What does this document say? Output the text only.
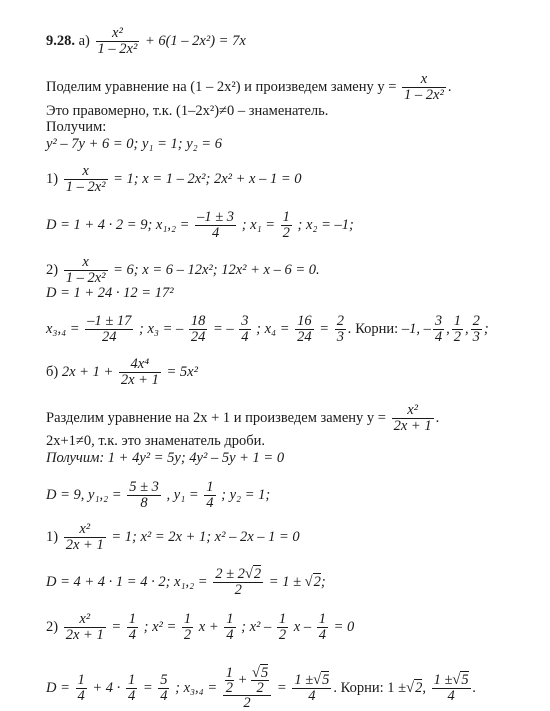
9.28. $а) \frac{\text{x²}}{\text{1 – 2x²}} + 6(1 - 2x^2) = 7x$
Поделим уравнение на (1 – 2x²) и произведем замену $y = \frac{x}{\text{1 – 2x²}}$ .
Это правомерно, т.к. (1–2x²)≠0 – знаменатель.
Получим:
y² – 7y + 6 = 0; y₁ = 1; y₂ = 6
$1) \frac{x}{\text{1 – 2x²}} = 1$; x = 1 – 2x²; 2x² + x – 1 = 0
D = 1 + 4 · 2 = 9; $x_1,_2 = \frac{-1 \pm 3}{4}$ ; $x_1 = \frac{1}{2}$ ; x₂ = –1;
$2) \frac{x}{\text{1 – 2x²}} = 6$; x = 6 – 12x²; 12x² + x – 6 = 0.
D = 1 + 24 · 12 = 17²
$x_3,_4 = \frac{-1 \pm 17}{24}$ ; x₃ = – $\frac{18}{24}$ = – $\frac{3}{4}$ ; $x_4 = \frac{16}{24} = \frac{2}{3}$ . Корни: –1, – $\frac{3}{4}$ , $\frac{1}{2}$ , $\frac{2}{3}$ ;
б) $2x + 1 + \frac{\text{4x⁴}}{2x + 1} = 5x^2$
Разделим уравнение на 2x + 1 и произведем замену $y = \frac{\text{x²}}{2x + 1}$ .
2x+1≠0, т.к. это знаменатель дроби.
Получим: 1 + 4y² = 5y; 4y² – 5y + 1 = 0
D = 9, $y_1,_2 = \frac{5 \pm 3}{8}$ , $y_1 = \frac{1}{4}$ ; y₂ = 1;
$1) \frac{\text{x²}}{2x + 1} = 1$; x² = 2x + 1; x² – 2x – 1 = 0
D = 4 + 4 · 1 = 4 · 2; $x_1,_2 = \frac{2 \pm 2√2}{2} = 1 \pm √2$;
$2) \frac{\text{x²}}{2x + 1} = \frac{1}{4}$ ; $x^2 = \frac{1}{2}$ $x + \frac{1}{4}$ ; $x^2 - \frac{1}{2}$ $x - \frac{1}{4} = 0$
$D = \frac{1}{4} + 4 \cdot \frac{1}{4} = \frac{5}{4}$ ; $x_3,_4 = \frac{\frac{1}{2} + \frac{√5}{2}}{2} = \frac{1 \pm√5}{4}$ . Корни: 1 ±√2, $\frac{1 \pm√5}{4}$ .
